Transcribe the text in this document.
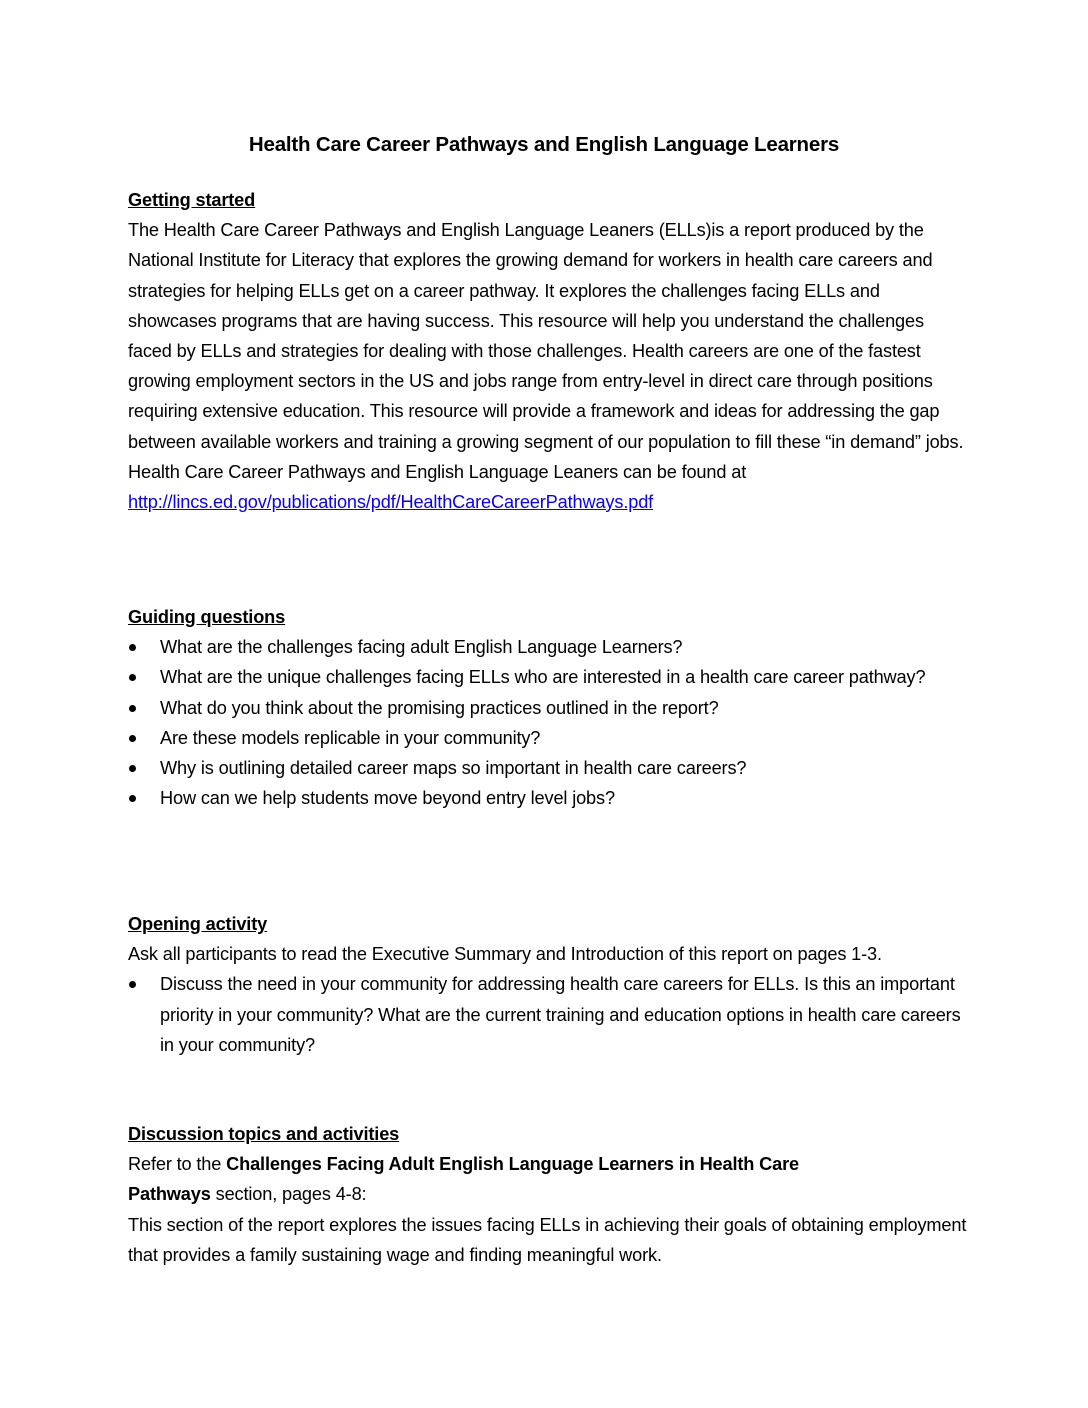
Health Care Career Pathways and English Language Learners

Getting started

The Health Care Career Pathways and English Language Leaners (ELLs)is a report produced by the National Institute for Literacy that explores the growing demand for workers in health care careers and strategies for helping ELLs get on a career pathway. It explores the challenges facing ELLs and showcases programs that are having success. This resource will help you understand the challenges faced by ELLs and strategies for dealing with those challenges. Health careers are one of the fastest growing employment sectors in the US and jobs range from entry-level in direct care through positions requiring extensive education. This resource will provide a framework and ideas for addressing the gap between available workers and training a growing segment of our population to fill these “in demand” jobs. Health Care Career Pathways and English Language Leaners can be found at
http://lincs.ed.gov/publications/pdf/HealthCareCareerPathways.pdf

Guiding questions

What are the challenges facing adult English Language Learners?
What are the unique challenges facing ELLs who are interested in a health care career pathway?
What do you think about the promising practices outlined in the report?
Are these models replicable in your community?
Why is outlining detailed career maps so important in health care careers?
How can we help students move beyond entry level jobs?

Opening activity

Ask all participants to read the Executive Summary and Introduction of this report on pages 1-3.

Discuss the need in your community for addressing health care careers for ELLs. Is this an important priority in your community? What are the current training and education options in health care careers in your community?

Discussion topics and activities

Refer to the Challenges Facing Adult English Language Learners in Health Care
Pathways section, pages 4-8:

This section of the report explores the issues facing ELLs in achieving their goals of obtaining employment that provides a family sustaining wage and finding meaningful work.
